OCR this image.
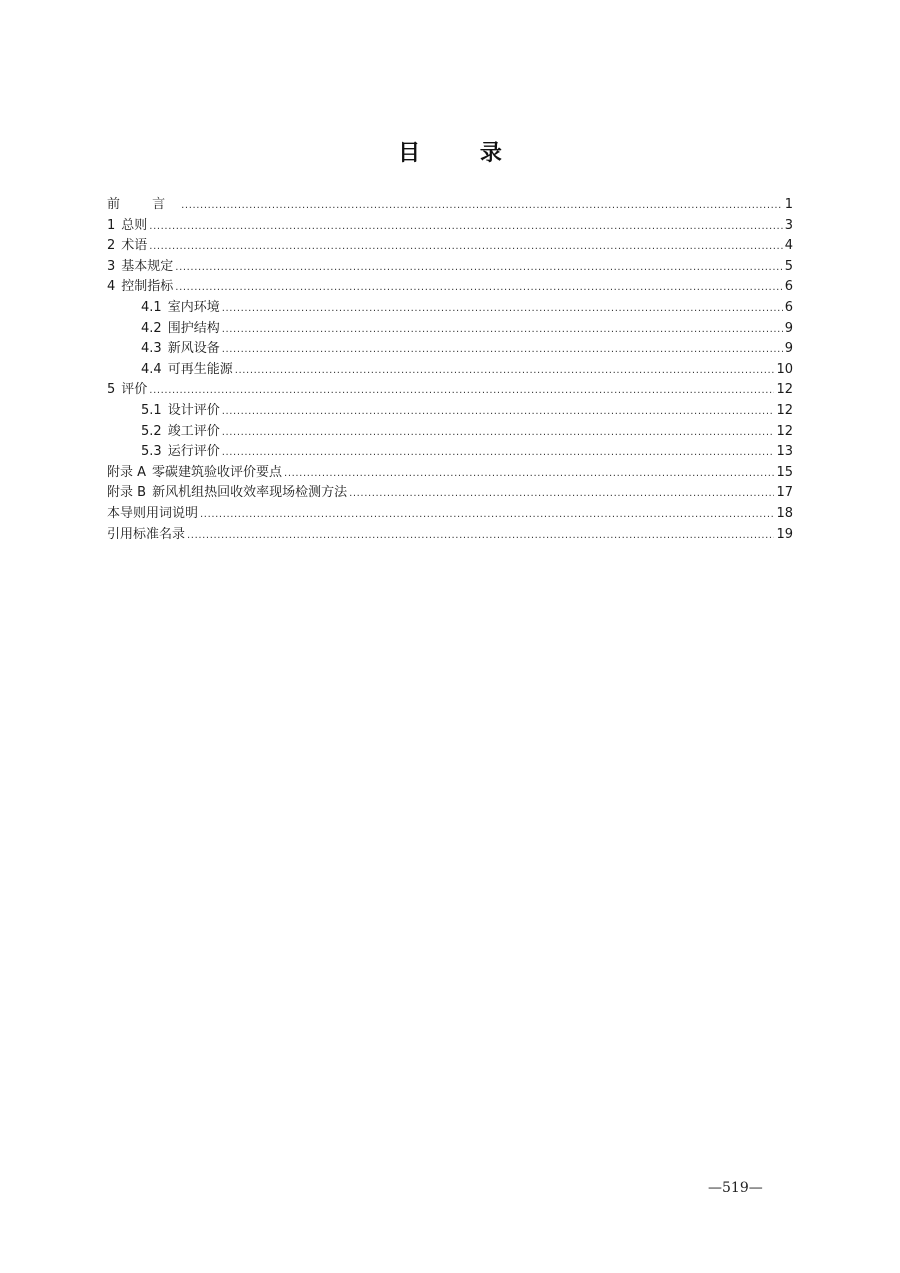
目 录
前 言 .....	1
1 总则 .....	3
2 术语 .....	4
3 基本规定 .....	5
4 控制指标 .....	6
4.1 室内环境 .....	6
4.2 围护结构 .....	9
4.3 新风设备 .....	9
4.4 可再生能源 .....	10
5 评价 .....	12
5.1 设计评价 .....	12
5.2 竣工评价 .....	12
5.3 运行评价 .....	13
附录 A 零碳建筑验收评价要点 .....	15
附录 B 新风机组热回收效率现场检测方法 .....	17
本导则用词说明 .....	18
引用标准名录 .....	19
—519—
